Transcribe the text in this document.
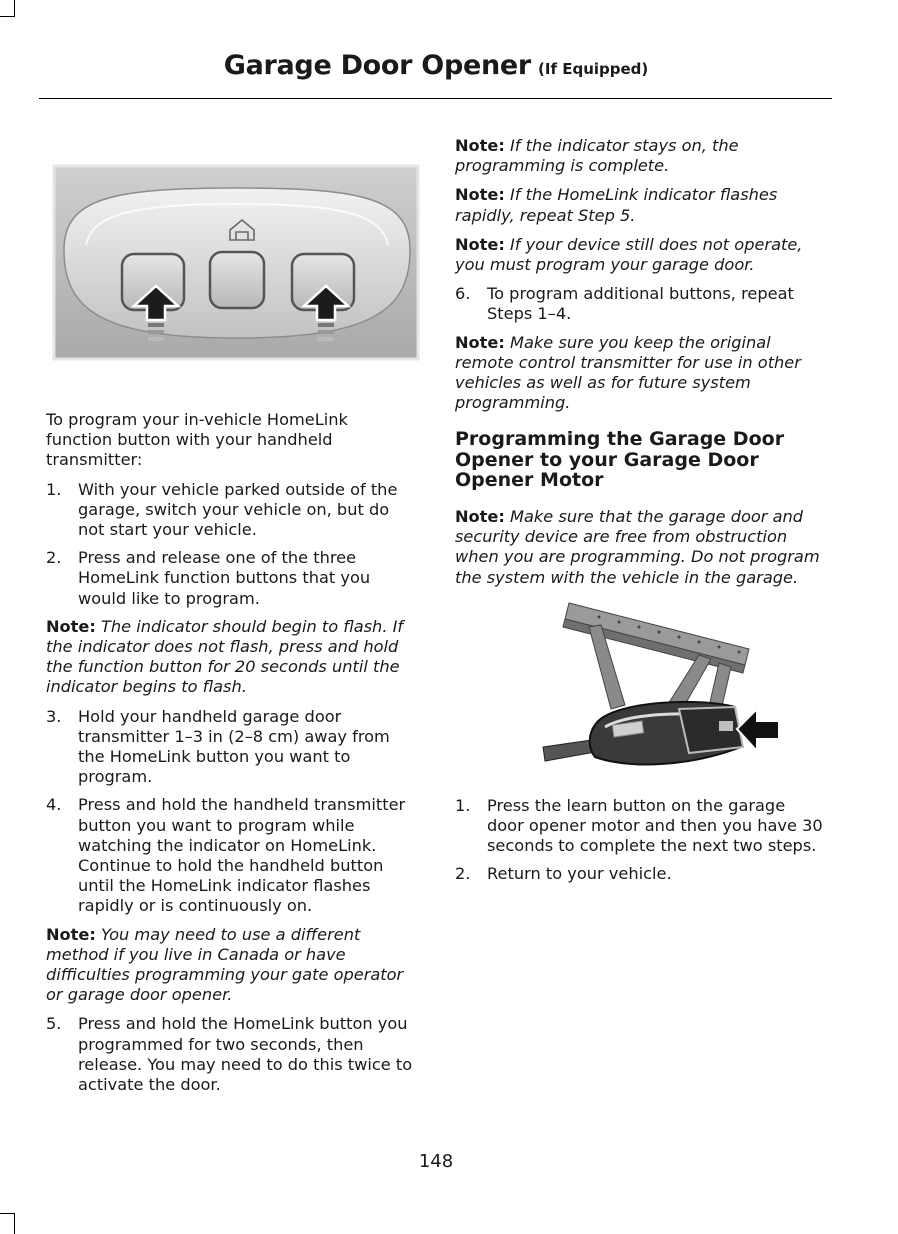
Garage Door Opener (If Equipped)

To program your in-vehicle HomeLink function button with your handheld transmitter:

1. With your vehicle parked outside of the garage, switch your vehicle on, but do not start your vehicle.
2. Press and release one of the three HomeLink function buttons that you would like to program.

Note: The indicator should begin to flash. If the indicator does not flash, press and hold the function button for 20 seconds until the indicator begins to flash.

3. Hold your handheld garage door transmitter 1–3 in (2–8 cm) away from the HomeLink button you want to program.
4. Press and hold the handheld transmitter button you want to program while watching the indicator on HomeLink. Continue to hold the handheld button until the HomeLink indicator flashes rapidly or is continuously on.

Note: You may need to use a different method if you live in Canada or have difficulties programming your gate operator or garage door opener.

5. Press and hold the HomeLink button you programmed for two seconds, then release. You may need to do this twice to activate the door.

Note: If the indicator stays on, the programming is complete.

Note: If the HomeLink indicator flashes rapidly, repeat Step 5.

Note: If your device still does not operate, you must program your garage door.

6. To program additional buttons, repeat Steps 1–4.

Note: Make sure you keep the original remote control transmitter for use in other vehicles as well as for future system programming.

Programming the Garage Door Opener to your Garage Door Opener Motor

Note: Make sure that the garage door and security device are free from obstruction when you are programming. Do not program the system with the vehicle in the garage.

1. Press the learn button on the garage door opener motor and then you have 30 seconds to complete the next two steps.
2. Return to your vehicle.
148
